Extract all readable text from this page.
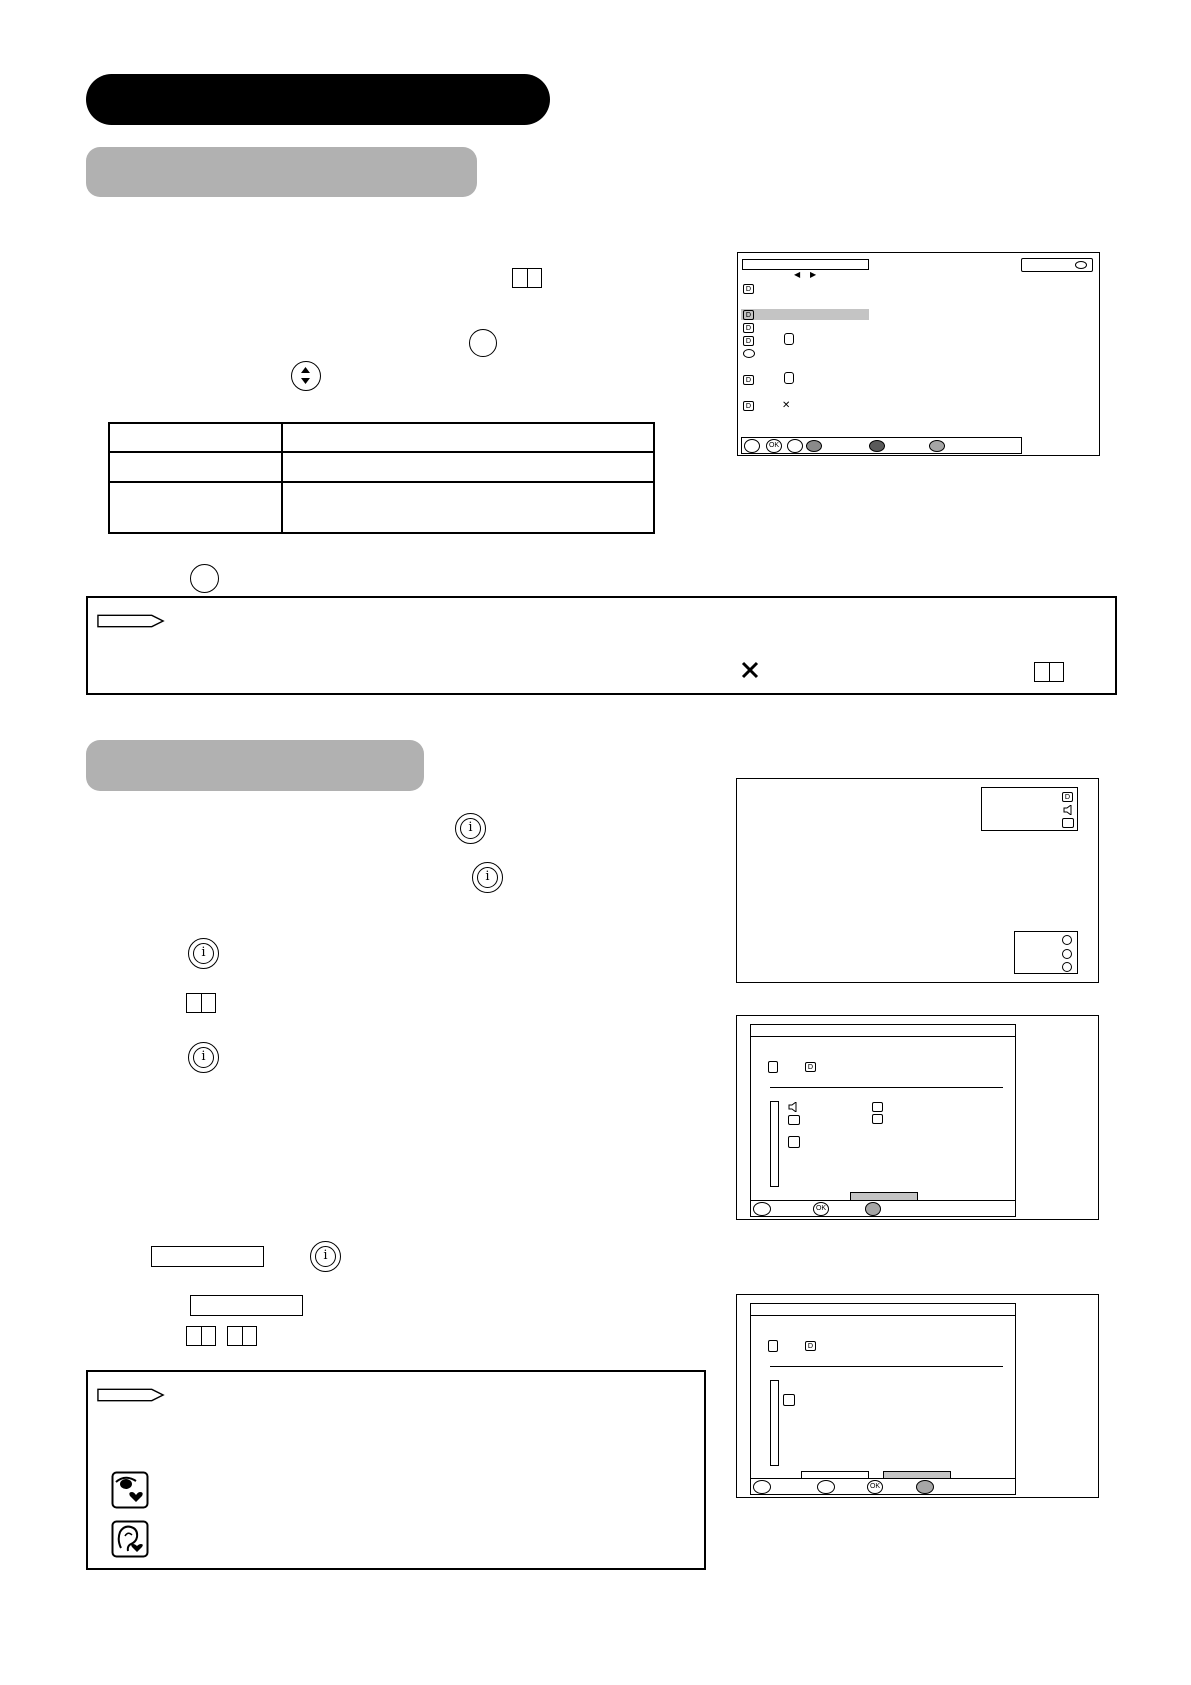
◀ ▶
D
D
D
D
D
D	✕
OK
i
i
i
i
i
D
D
OK
D
OK
